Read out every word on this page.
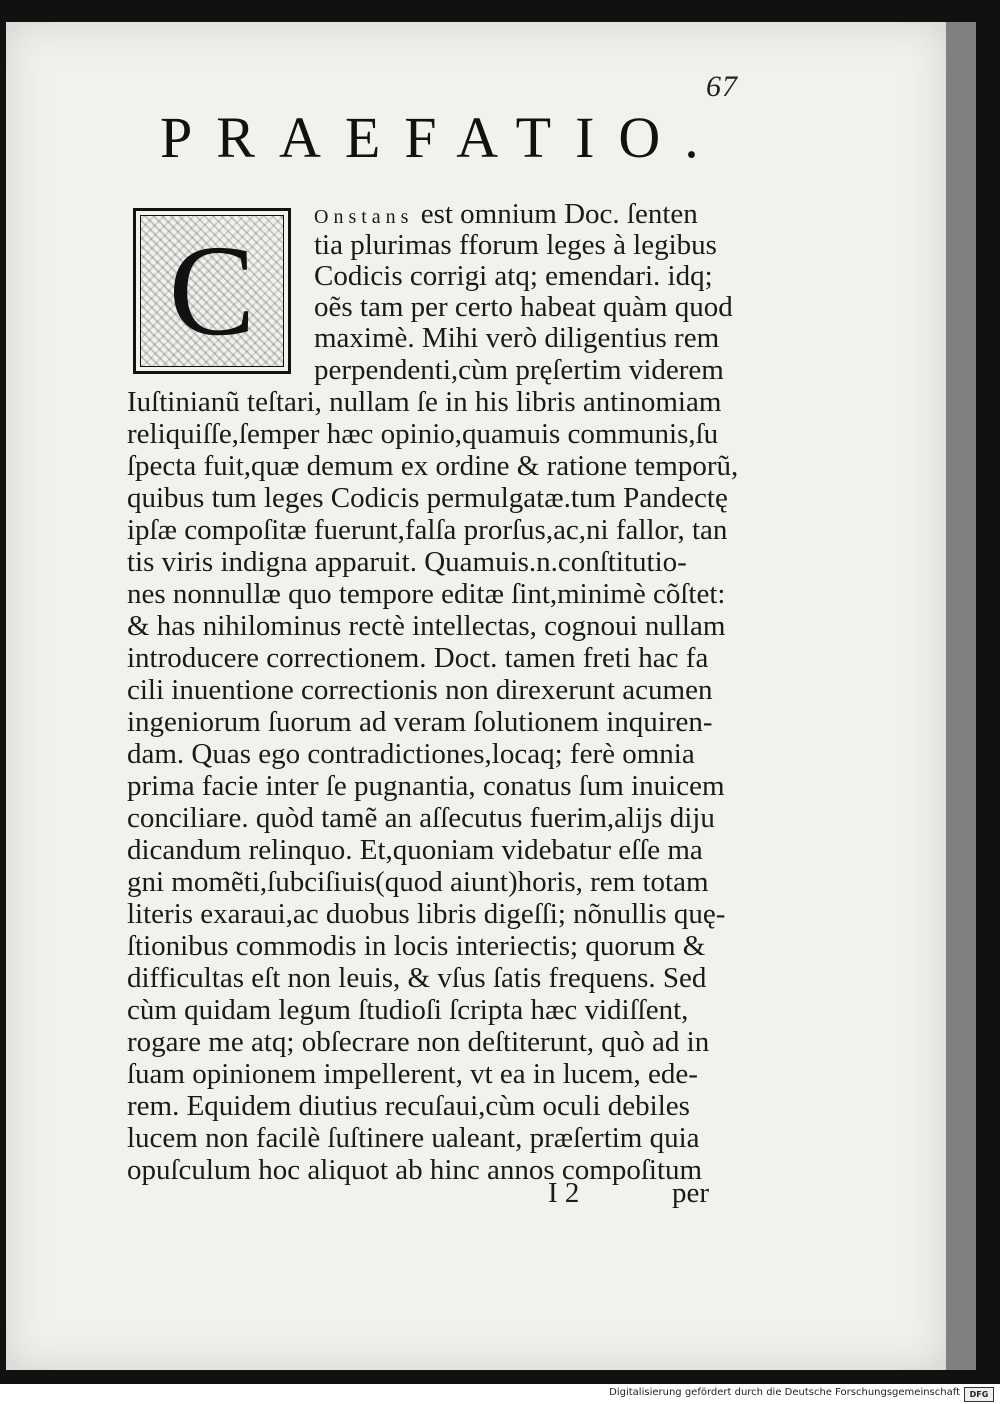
67
PRAEFATIO.
C
Onstans est omnium Doc. ſenten
tia plurimas fforum leges à legibus
Codicis corrigi atq; emendari. idq;
oẽs tam per certo habeat quàm quod
maximè. Mihi verò diligentius rem
perpendenti,cùm pręſertim viderem
Iuſtinianũ teſtari, nullam ſe in his libris antinomiam
reliquiſſe,ſemper hæc opinio,quamuis communis,ſu
ſpecta fuit,quæ demum ex ordine & ratione temporũ,
quibus tum leges Codicis permulgatæ.tum Pandectę
ipſæ compoſitæ fuerunt,falſa prorſus,ac,ni fallor, tan
tis viris indigna apparuit. Quamuis.n.conſtitutio-
nes nonnullæ quo tempore editæ ſint,minimè cõſtet:
& has nihilominus rectè intellectas, cognoui nullam
introducere correctionem. Doct. tamen freti hac fa
cili inuentione correctionis non direxerunt acumen
ingeniorum ſuorum ad veram ſolutionem inquiren-
dam. Quas ego contradictiones,locaq; ferè omnia
prima facie inter ſe pugnantia, conatus ſum inuicem
conciliare. quòd tamẽ an aſſecutus fuerim,alijs diju
dicandum relinquo. Et,quoniam videbatur eſſe ma
gni momẽti,ſubciſiuis(quod aiunt)horis, rem totam
literis exaraui,ac duobus libris digeſſi; nõnullis quę-
ſtionibus commodis in locis interiectis; quorum &
difficultas eſt non leuis, & vſus ſatis frequens. Sed
cùm quidam legum ſtudioſi ſcripta hæc vidiſſent,
rogare me atq; obſecrare non deſtiterunt, quò ad in
ſuam opinionem impellerent, vt ea in lucem, ede-
rem. Equidem diutius recuſaui,cùm oculi debiles
lucem non facilè ſuſtinere ualeant, præſertim quia
opuſculum hoc aliquot ab hinc annos compoſitum
I 2	per
Digitalisierung gefördert durch die Deutsche Forschungsgemeinschaft	DFG
